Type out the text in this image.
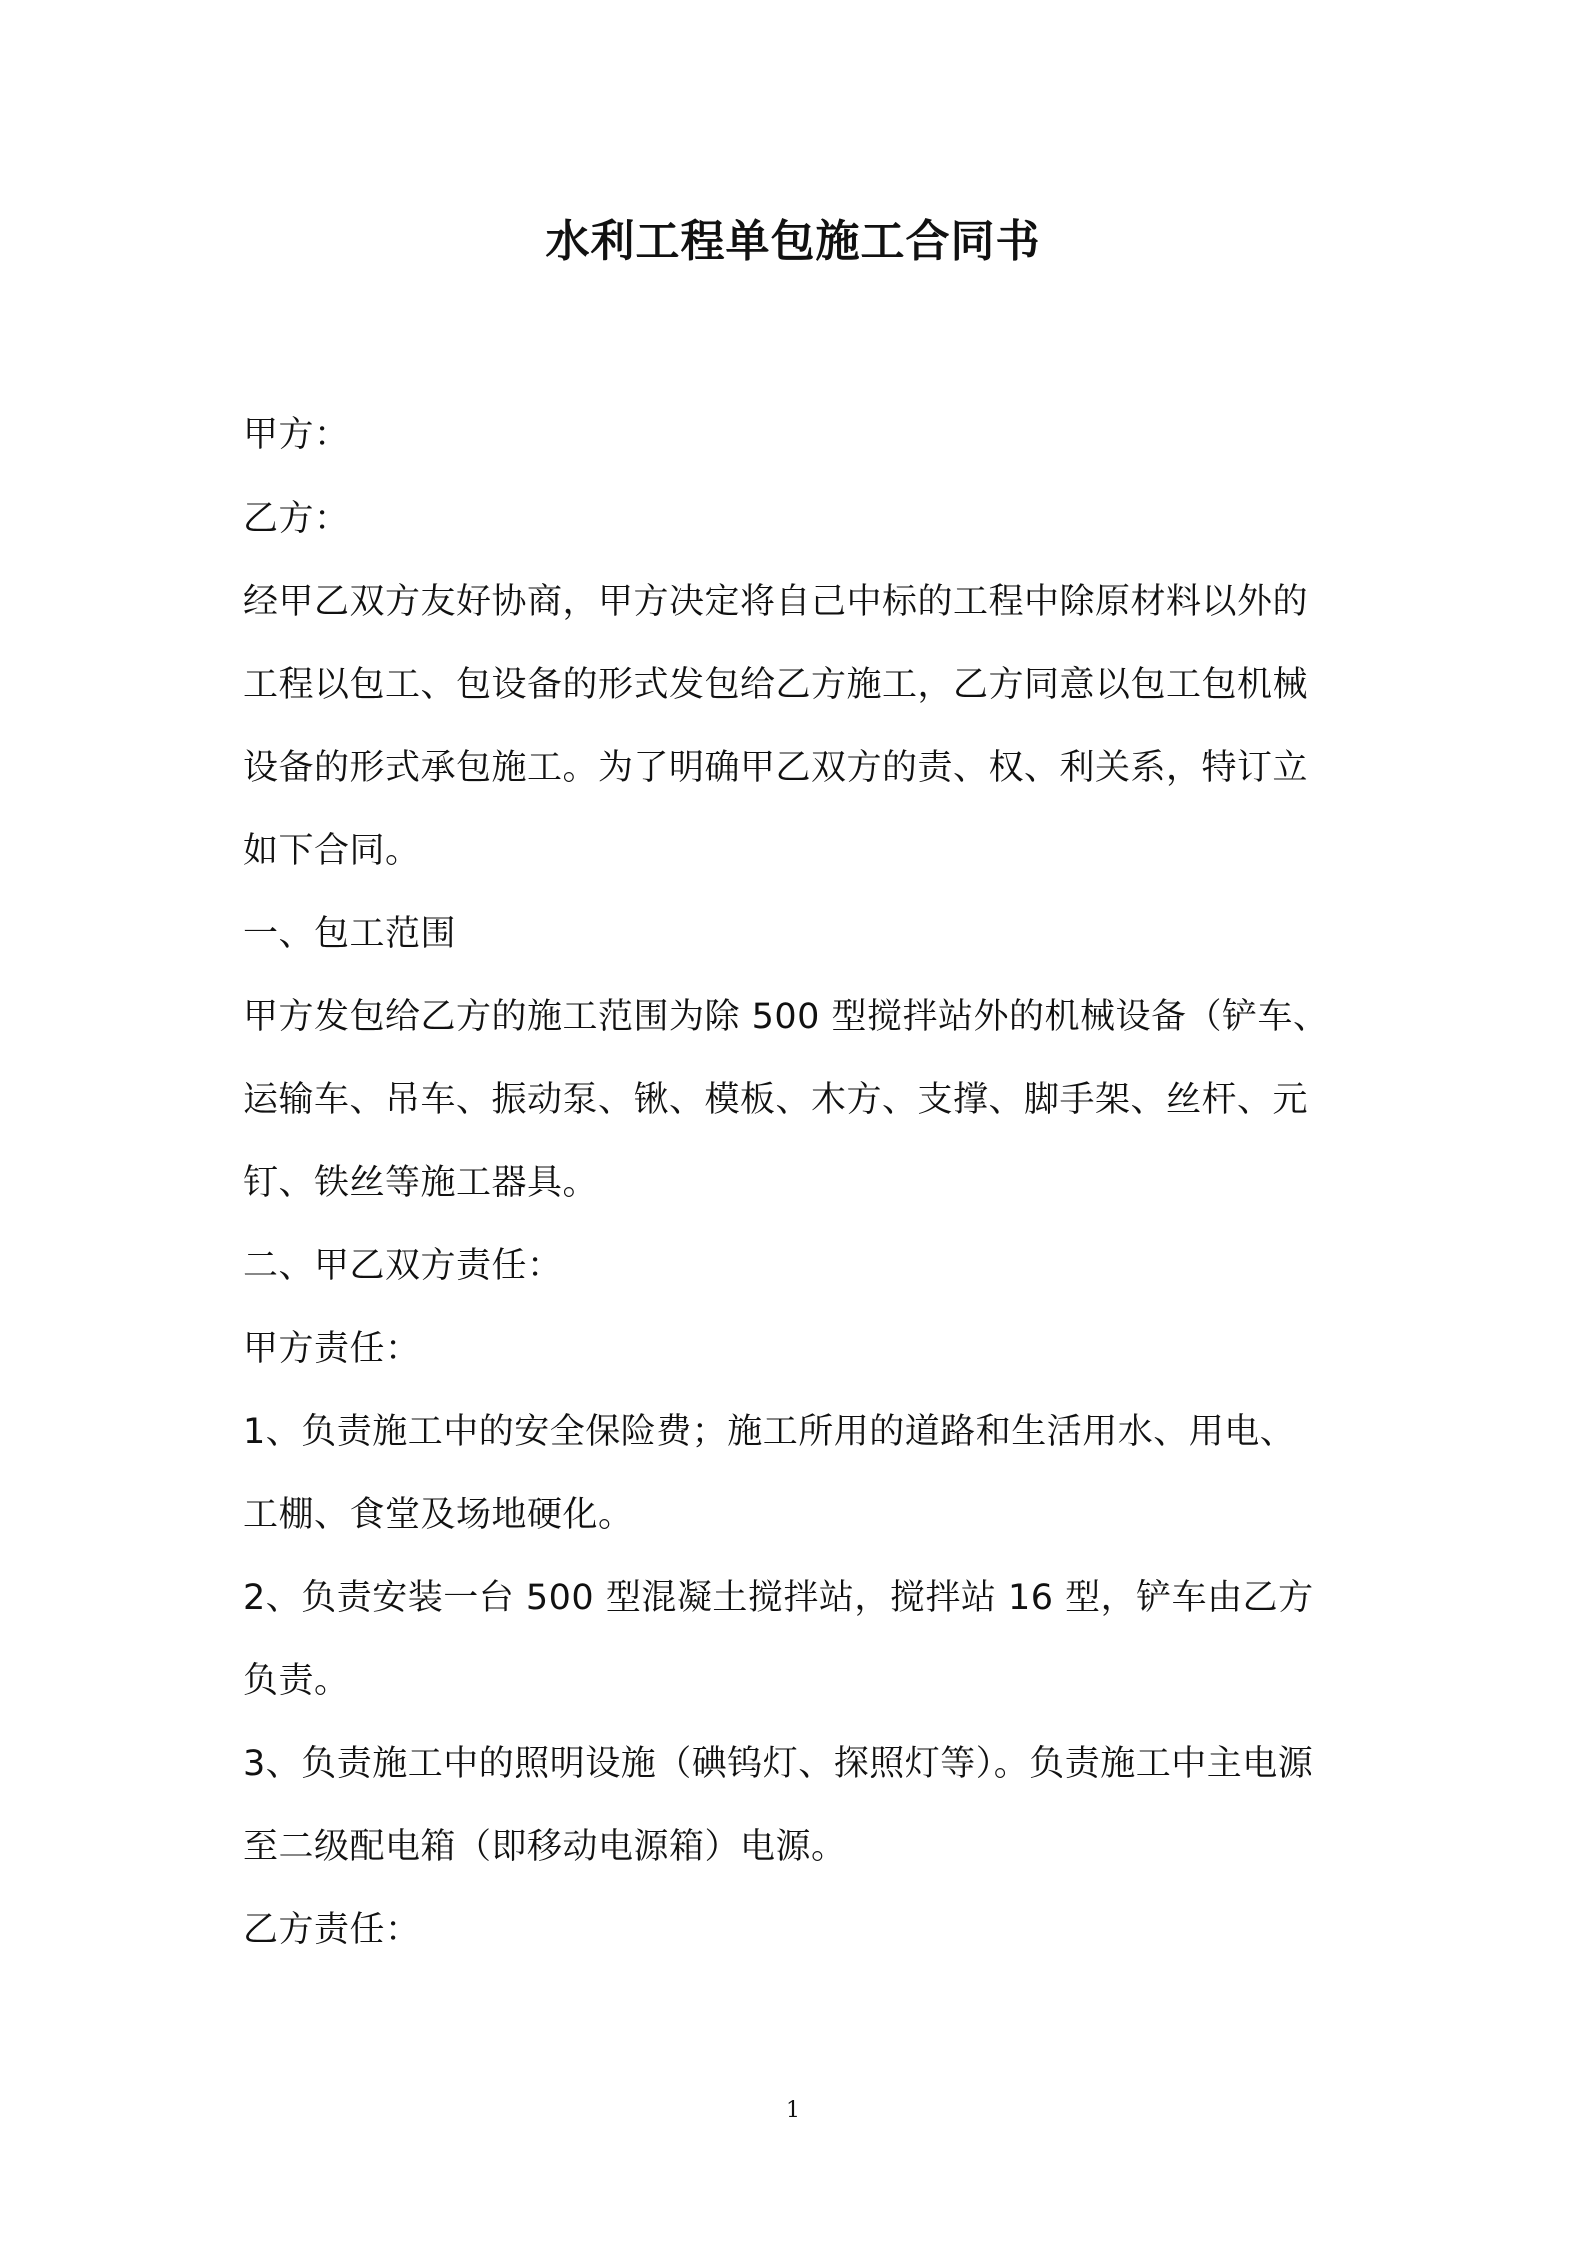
水利工程单包施工合同书
甲方：
乙方：
经甲乙双方友好协商，甲方决定将自己中标的工程中除原材料以外的
工程以包工、包设备的形式发包给乙方施工，乙方同意以包工包机械
设备的形式承包施工。为了明确甲乙双方的责、权、利关系，特订立
如下合同。
一、包工范围
甲方发包给乙方的施工范围为除 500 型搅拌站外的机械设备（铲车、
运输车、吊车、振动泵、锹、模板、木方、支撑、脚手架、丝杆、元
钉、铁丝等施工器具。
二、甲乙双方责任：
甲方责任：
1、负责施工中的安全保险费；施工所用的道路和生活用水、用电、
工棚、食堂及场地硬化。
2、负责安装一台 500 型混凝土搅拌站，搅拌站 16 型，铲车由乙方
负责。
3、负责施工中的照明设施（碘钨灯、探照灯等）。负责施工中主电源
至二级配电箱（即移动电源箱）电源。
乙方责任：
1
